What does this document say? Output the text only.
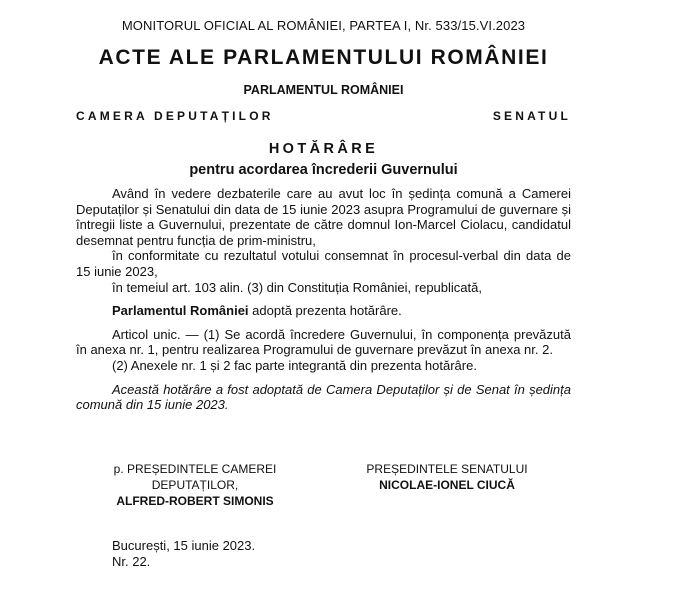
MONITORUL OFICIAL AL ROMÂNIEI, PARTEA I, Nr. 533/15.VI.2023
ACTE ALE PARLAMENTULUI ROMÂNIEI
PARLAMENTUL ROMÂNIEI
CAMERA DEPUTAȚILOR	SENATUL
HOTĂRÂRE
pentru acordarea încrederii Guvernului

Având în vedere dezbaterile care au avut loc în ședința comună a Camerei Deputaților și Senatului din data de 15 iunie 2023 asupra Programului de guvernare și întregii liste a Guvernului, prezentate de către domnul Ion-Marcel Ciolacu, candidatul desemnat pentru funcția de prim-ministru,

în conformitate cu rezultatul votului consemnat în procesul-verbal din data de 15 iunie 2023,

în temeiul art. 103 alin. (3) din Constituția României, republicată,

Parlamentul României adoptă prezenta hotărâre.

Articol unic. — (1) Se acordă încredere Guvernului, în componența prevăzută în anexa nr. 1, pentru realizarea Programului de guvernare prevăzut în anexa nr. 2.

(2) Anexele nr. 1 și 2 fac parte integrantă din prezenta hotărâre.

Această hotărâre a fost adoptată de Camera Deputaților și de Senat în ședința comună din 15 iunie 2023.

p. PREȘEDINTELE CAMEREI
DEPUTAȚILOR,
ALFRED-ROBERT SIMONIS
PREȘEDINTELE SENATULUI
NICOLAE-IONEL CIUCĂ
București, 15 iunie 2023.
Nr. 22.
